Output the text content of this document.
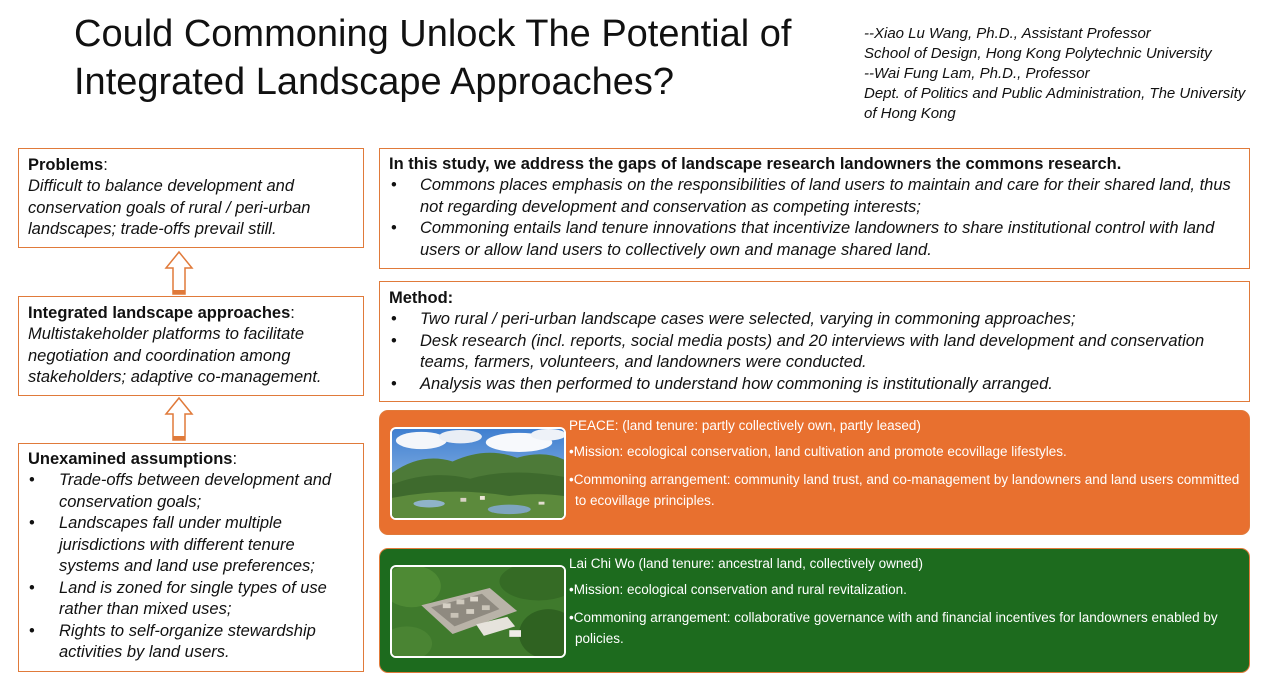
Could Commoning Unlock The Potential of Integrated Landscape Approaches?
--Xiao Lu Wang, Ph.D., Assistant Professor
School of Design, Hong Kong Polytechnic University
--Wai Fung Lam, Ph.D., Professor
Dept. of Politics and Public Administration, The University of Hong Kong
Problems:
Difficult to balance development and conservation goals of rural / peri-urban landscapes; trade-offs prevail still.
Integrated landscape approaches:
Multistakeholder platforms to facilitate negotiation and coordination among stakeholders; adaptive co-management.
Unexamined assumptions:
• Trade-offs between development and conservation goals;
• Landscapes fall under multiple jurisdictions with different tenure systems and land use preferences;
• Land is zoned for single types of use rather than mixed uses;
• Rights to self-organize stewardship activities by land users.
In this study, we address the gaps of landscape research landowners the commons research.
• Commons places emphasis on the responsibilities of land users to maintain and care for their shared land, thus not regarding development and conservation as competing interests;
• Commoning entails land tenure innovations that incentivize landowners to share institutional control with land users or allow land users to collectively own and manage shared land.
Method:
• Two rural / peri-urban landscape cases were selected, varying in commoning approaches;
• Desk research (incl. reports, social media posts) and 20 interviews with land development and conservation teams, farmers, volunteers, and landowners were conducted.
• Analysis was then performed to understand how commoning is institutionally arranged.
PEACE: (land tenure: partly collectively own, partly leased)
•Mission: ecological conservation, land cultivation and promote ecovillage lifestyles.
•Commoning arrangement: community land trust, and co-management by landowners and land users committed to ecovillage principles.
Lai Chi Wo (land tenure: ancestral land, collectively owned)
•Mission: ecological conservation and rural revitalization.
•Commoning arrangement: collaborative governance with and financial incentives for landowners enabled by policies.
